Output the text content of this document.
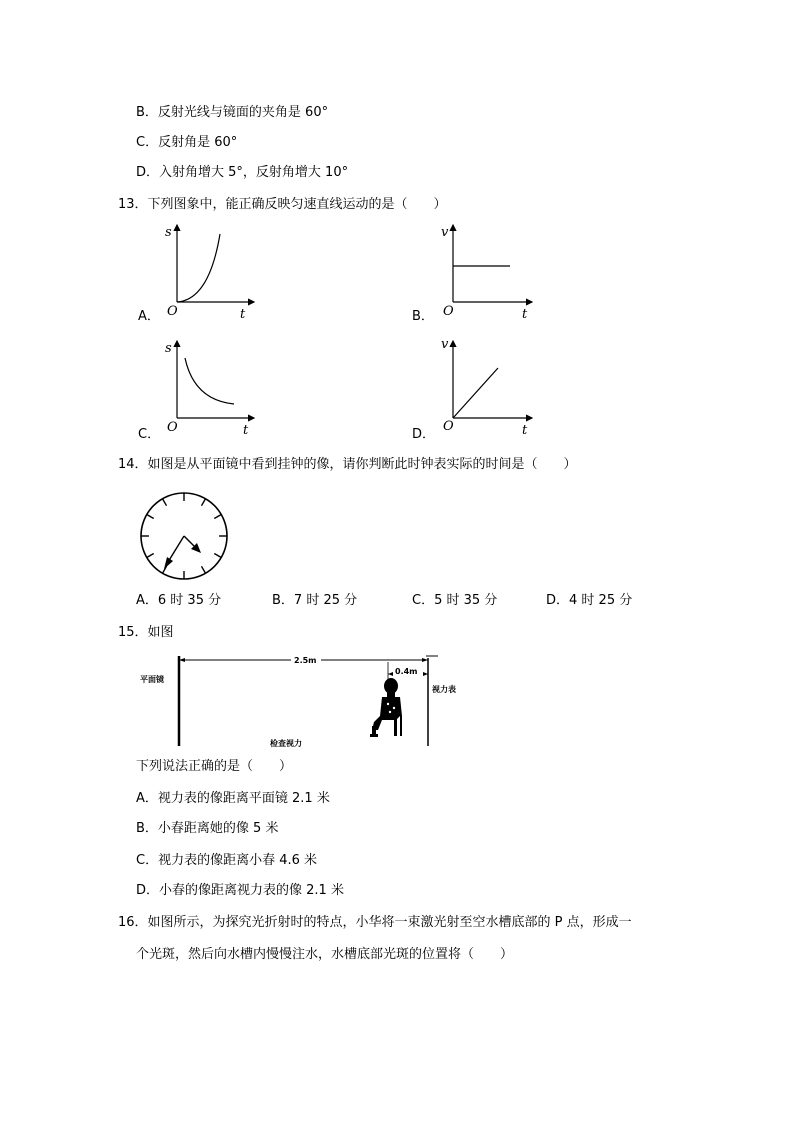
B．反射光线与镜面的夹角是 60°
C．反射角是 60°
D．入射角增大 5°，反射角增大 10°
13．下列图象中，能正确反映匀速直线运动的是（　　）
s
t
O
A．
v
t
O
B．
s
t
O
C．
v
t
O
D．
14．如图是从平面镜中看到挂钟的像，请你判断此时钟表实际的时间是（　　）
A．6 时 35 分	B．7 时 25 分	C．5 时 35 分	D．4 时 25 分
15．如图
2.5m
0.4m
平面镜
视力表
检查视力
下列说法正确的是（　　）
A．视力表的像距离平面镜 2.1 米
B．小春距离她的像 5 米
C．视力表的像距离小春 4.6 米
D．小春的像距离视力表的像 2.1 米
16．如图所示，为探究光折射时的特点，小华将一束激光射至空水槽底部的 P 点，形成一
个光斑，然后向水槽内慢慢注水，水槽底部光斑的位置将（　　）
